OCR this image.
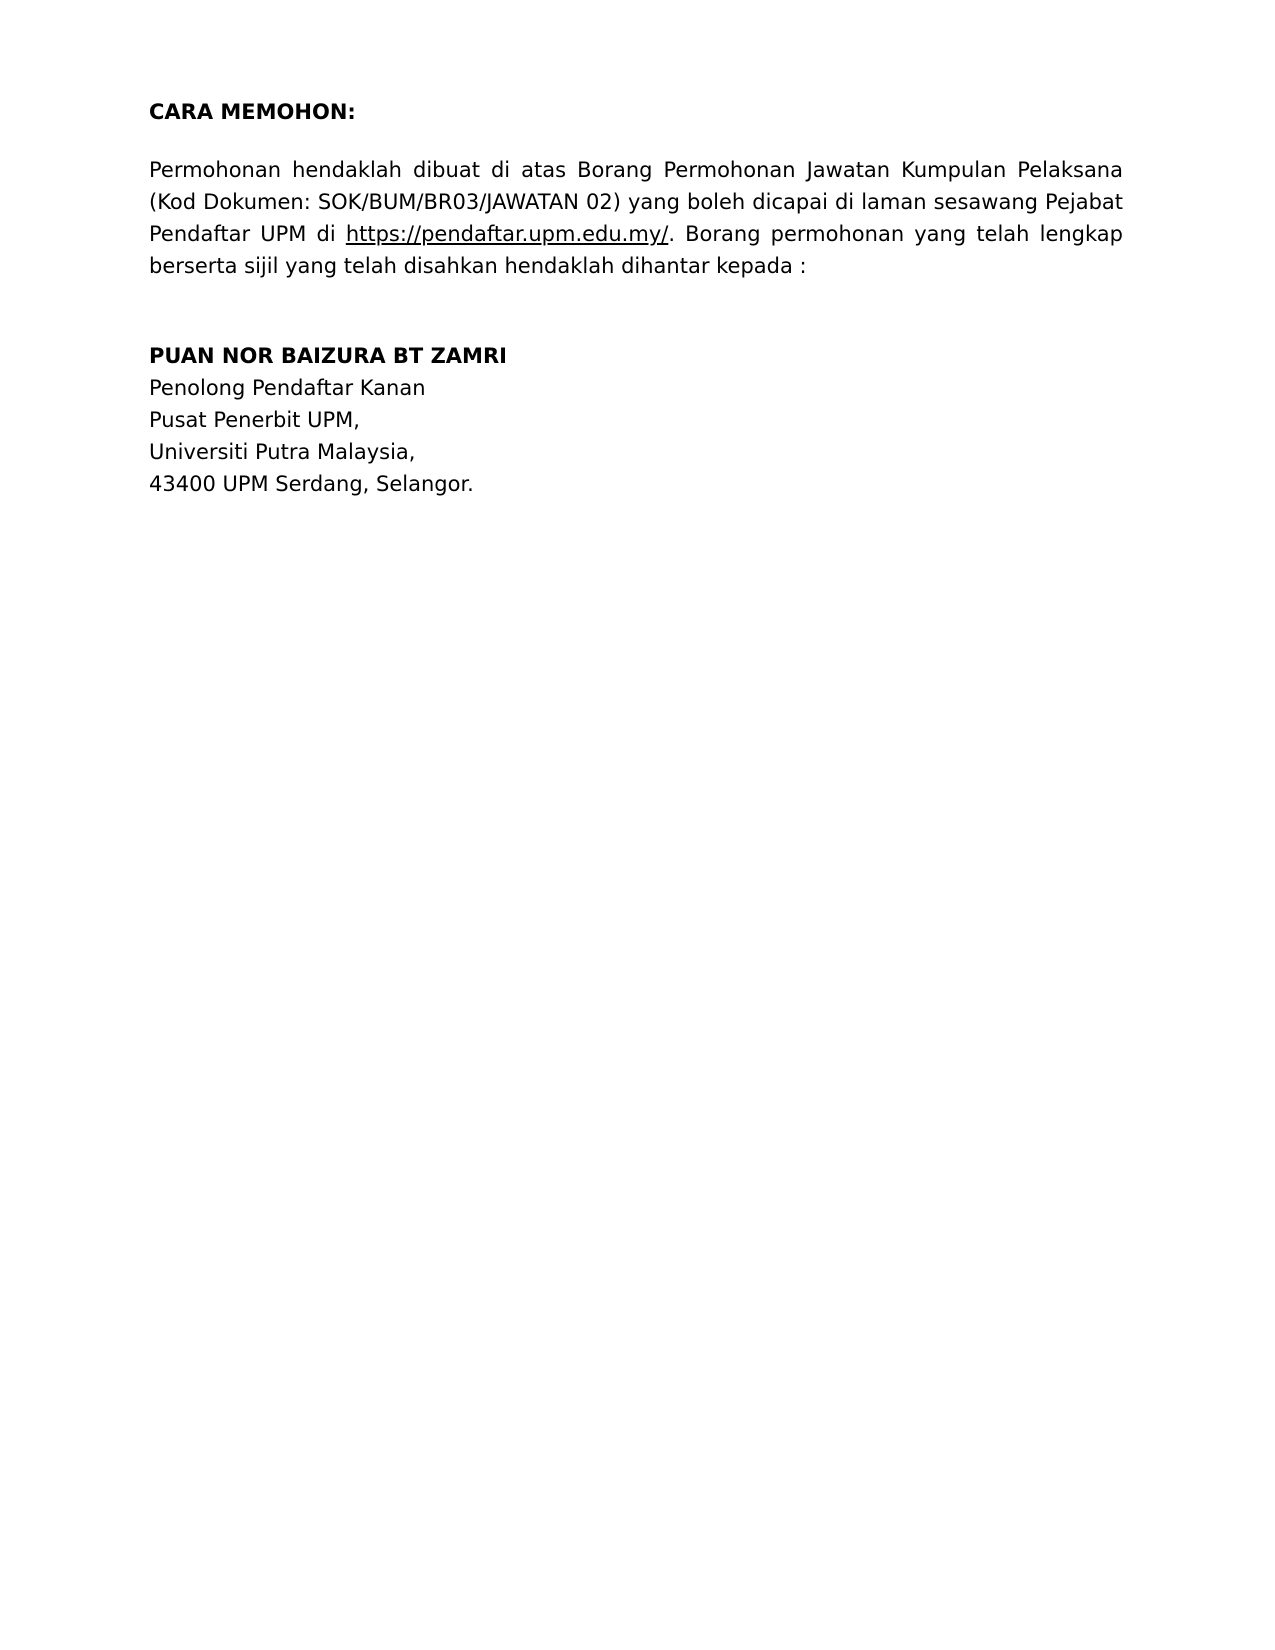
CARA MEMOHON:

Permohonan hendaklah dibuat di atas Borang Permohonan Jawatan Kumpulan Pelaksana (Kod Dokumen: SOK/BUM/BR03/JAWATAN 02) yang boleh dicapai di laman sesawang Pejabat Pendaftar UPM di https://pendaftar.upm.edu.my/. Borang permohonan yang telah lengkap berserta sijil yang telah disahkan hendaklah dihantar kepada :

PUAN NOR BAIZURA BT ZAMRI
Penolong Pendaftar Kanan
Pusat Penerbit UPM,
Universiti Putra Malaysia,
43400 UPM Serdang, Selangor.
